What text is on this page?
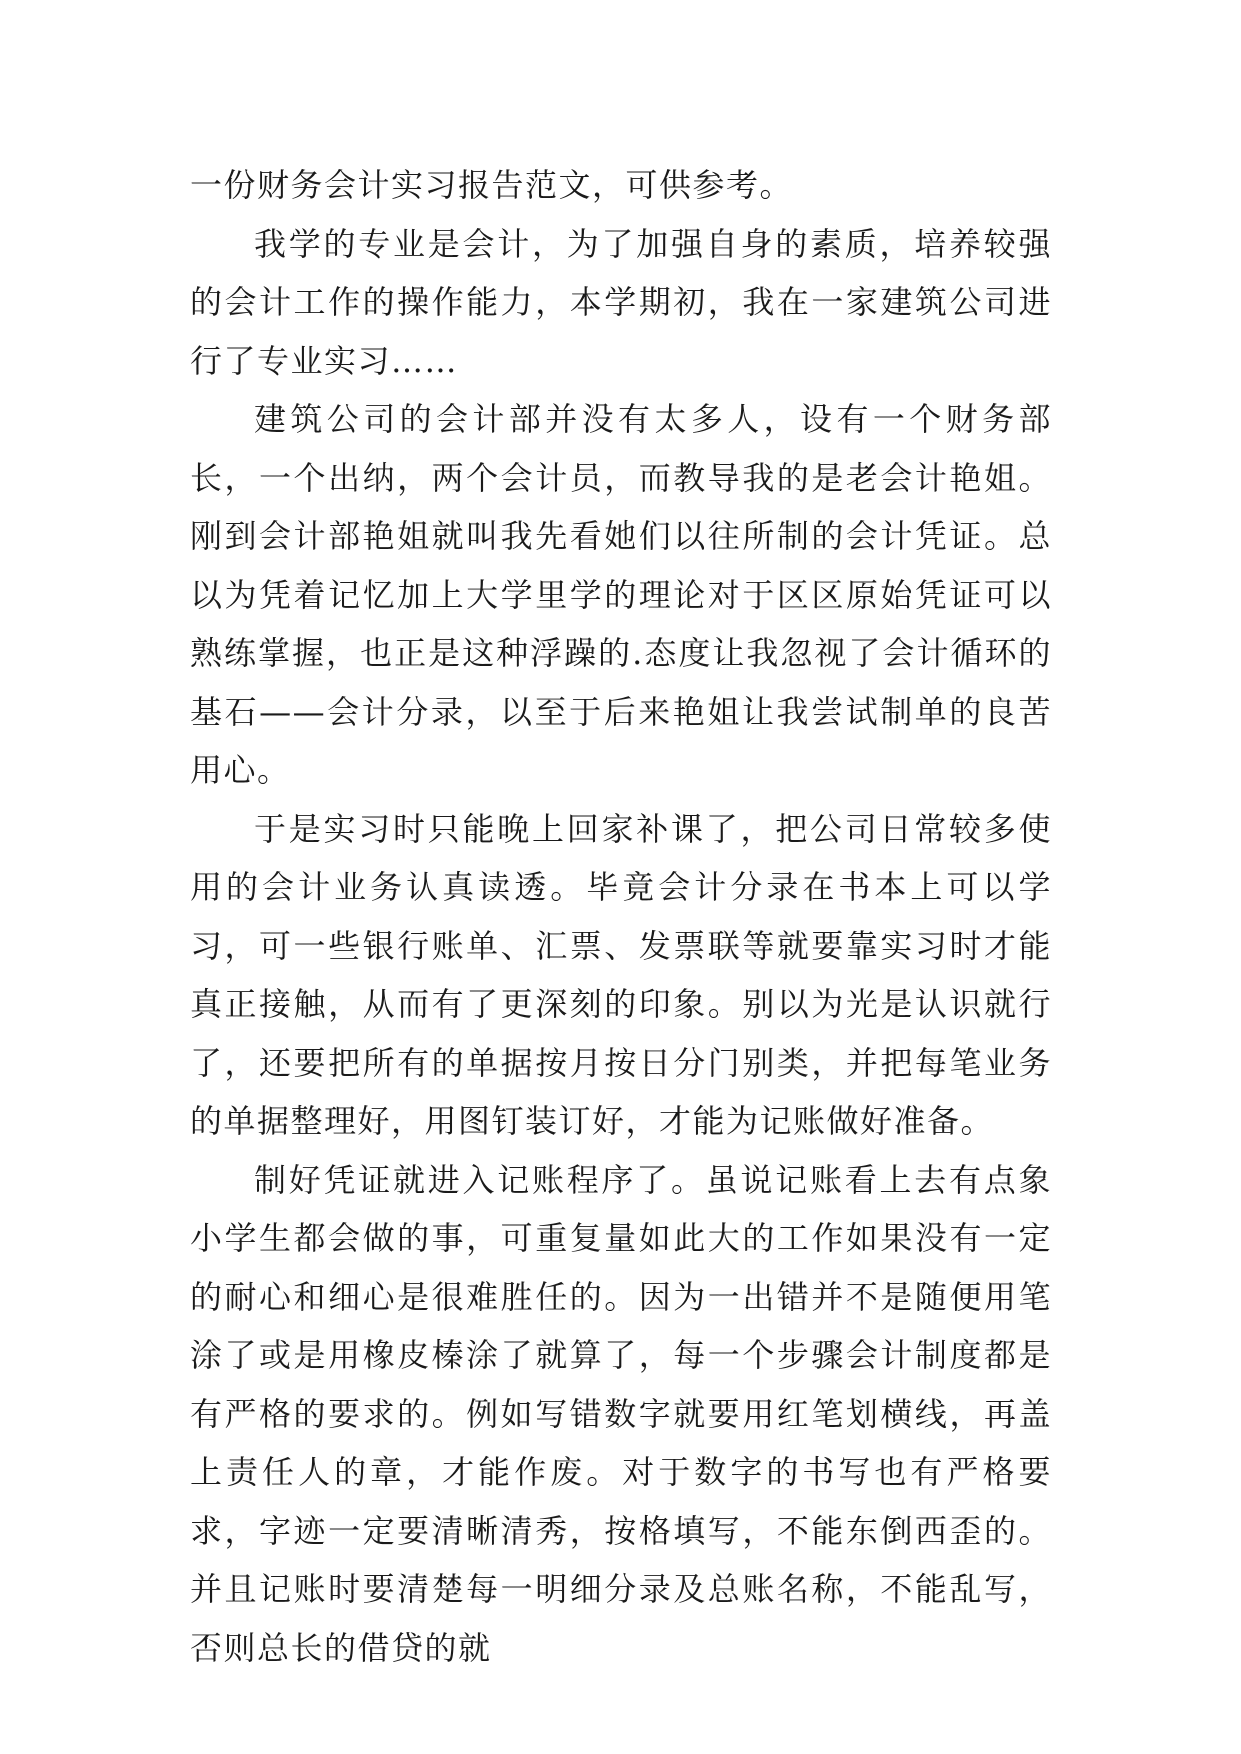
一份财务会计实习报告范文，可供参考。

我学的专业是会计，为了加强自身的素质，培养较强的会计工作的操作能力，本学期初，我在一家建筑公司进行了专业实习……

建筑公司的会计部并没有太多人，设有一个财务部长，一个出纳，两个会计员，而教导我的是老会计艳姐。刚到会计部艳姐就叫我先看她们以往所制的会计凭证。总以为凭着记忆加上大学里学的理论对于区区原始凭证可以熟练掌握，也正是这种浮躁的.态度让我忽视了会计循环的基石——会计分录，以至于后来艳姐让我尝试制单的良苦用心。

于是实习时只能晚上回家补课了，把公司日常较多使用的会计业务认真读透。毕竟会计分录在书本上可以学习，可一些银行账单、汇票、发票联等就要靠实习时才能真正接触，从而有了更深刻的印象。别以为光是认识就行了，还要把所有的单据按月按日分门别类，并把每笔业务的单据整理好，用图钉装订好，才能为记账做好准备。

制好凭证就进入记账程序了。虽说记账看上去有点象小学生都会做的事，可重复量如此大的工作如果没有一定的耐心和细心是很难胜任的。因为一出错并不是随便用笔涂了或是用橡皮榛涂了就算了，每一个步骤会计制度都是有严格的要求的。例如写错数字就要用红笔划横线，再盖上责任人的章，才能作废。对于数字的书写也有严格要求，字迹一定要清晰清秀，按格填写，不能东倒西歪的。并且记账时要清楚每一明细分录及总账名称，不能乱写，否则总长的借贷的就
